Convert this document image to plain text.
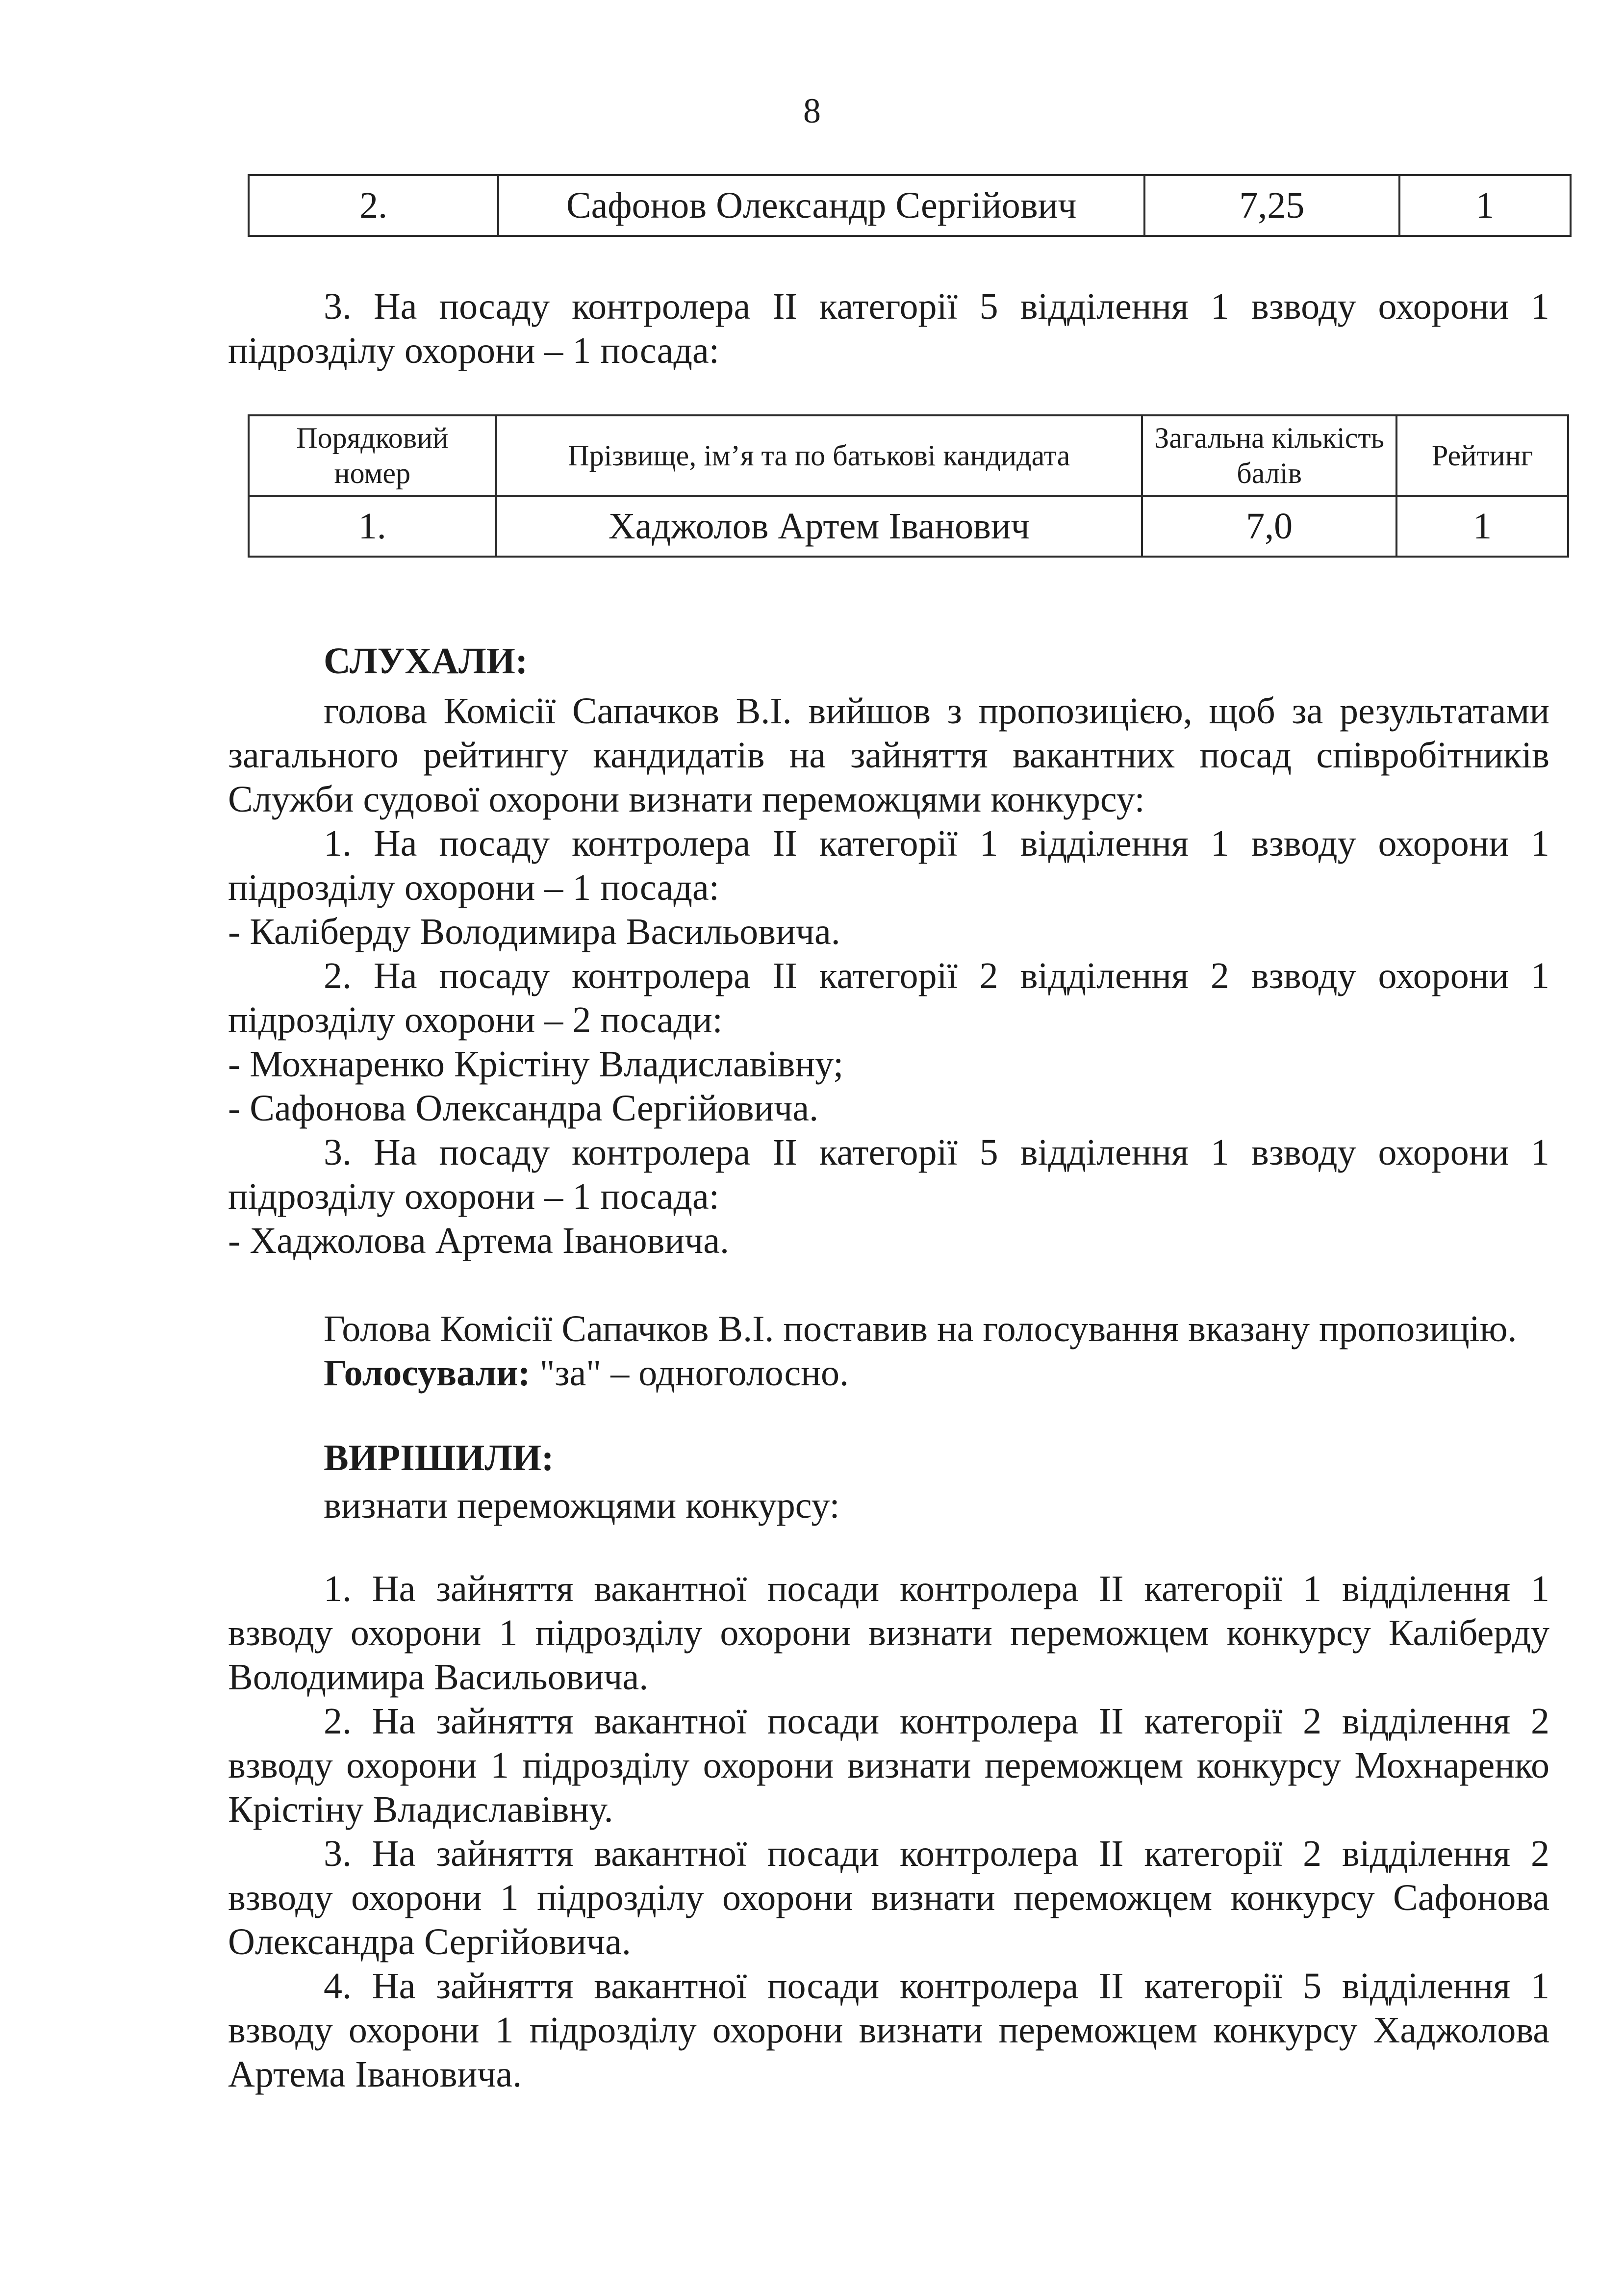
8
2.	Сафонов Олександр Сергійович	7,25	1

3. На посаду контролера ІІ категорії 5 відділення 1 взводу охорони 1 підрозділу охорони – 1 посада:

Порядковий номер	Прізвище, ім’я та по батькові кандидата	Загальна кількість балів	Рейтинг
1.	Хаджолов Артем Іванович	7,0	1

СЛУХАЛИ:

голова Комісії Сапачков В.І. вийшов з пропозицією, щоб за результатами загального рейтингу кандидатів на зайняття вакантних посад співробітників Служби судової охорони визнати переможцями конкурсу:

1. На посаду контролера ІІ категорії 1 відділення 1 взводу охорони 1 підрозділу охорони – 1 посада:

- Каліберду Володимира Васильовича.

2. На посаду контролера ІІ категорії 2 відділення 2 взводу охорони 1 підрозділу охорони – 2 посади:

- Мохнаренко Крістіну Владиславівну;

- Сафонова Олександра Сергійовича.

3. На посаду контролера ІІ категорії 5 відділення 1 взводу охорони 1 підрозділу охорони – 1 посада:

- Хаджолова Артема Івановича.

Голова Комісії Сапачков В.І. поставив на голосування вказану пропозицію.

Голосували: "за" – одноголосно.

ВИРІШИЛИ:

визнати переможцями конкурсу:

1. На зайняття вакантної посади контролера ІІ категорії 1 відділення 1 взводу охорони 1 підрозділу охорони визнати переможцем конкурсу Каліберду Володимира Васильовича.

2. На зайняття вакантної посади контролера ІІ категорії 2 відділення 2 взводу охорони 1 підрозділу охорони визнати переможцем конкурсу Мохнаренко Крістіну Владиславівну.

3. На зайняття вакантної посади контролера ІІ категорії 2 відділення 2 взводу охорони 1 підрозділу охорони визнати переможцем конкурсу Сафонова Олександра Сергійовича.

4. На зайняття вакантної посади контролера ІІ категорії 5 відділення 1 взводу охорони 1 підрозділу охорони визнати переможцем конкурсу Хаджолова Артема Івановича.
